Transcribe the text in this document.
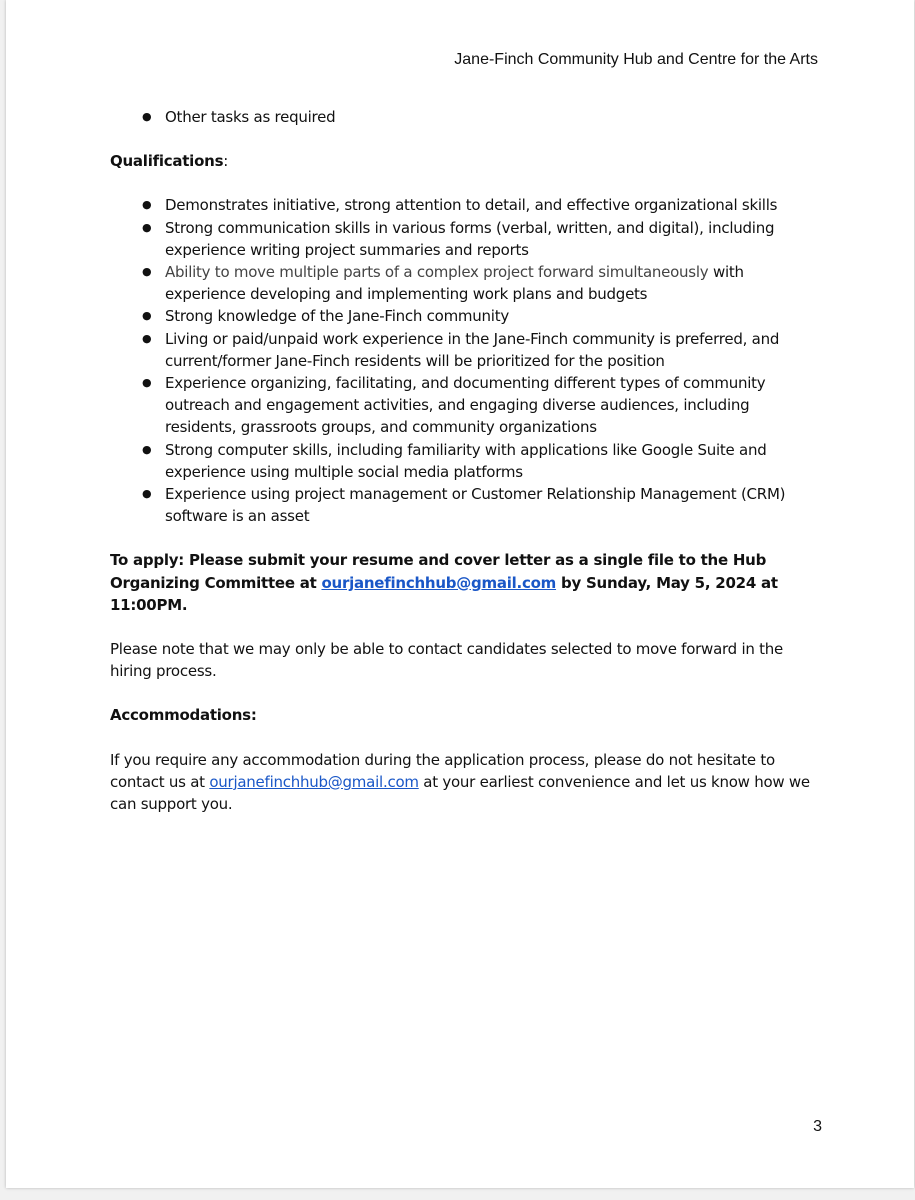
Jane-Finch Community Hub and Centre for the Arts
● Other tasks as required
Qualifications:
● Demonstrates initiative, strong attention to detail, and effective organizational skills
● Strong communication skills in various forms (verbal, written, and digital), including experience writing project summaries and reports
● Ability to move multiple parts of a complex project forward simultaneously with experience developing and implementing work plans and budgets
● Strong knowledge of the Jane-Finch community
● Living or paid/unpaid work experience in the Jane-Finch community is preferred, and current/former Jane-Finch residents will be prioritized for the position
● Experience organizing, facilitating, and documenting different types of community outreach and engagement activities, and engaging diverse audiences, including residents, grassroots groups, and community organizations
● Strong computer skills, including familiarity with applications like Google Suite and experience using multiple social media platforms
● Experience using project management or Customer Relationship Management (CRM) software is an asset
To apply: Please submit your resume and cover letter as a single file to the Hub Organizing Committee at ourjanefinchhub@gmail.com by Sunday, May 5, 2024 at 11:00PM.
Please note that we may only be able to contact candidates selected to move forward in the hiring process.
Accommodations:
If you require any accommodation during the application process, please do not hesitate to contact us at ourjanefinchhub@gmail.com at your earliest convenience and let us know how we can support you.
3
